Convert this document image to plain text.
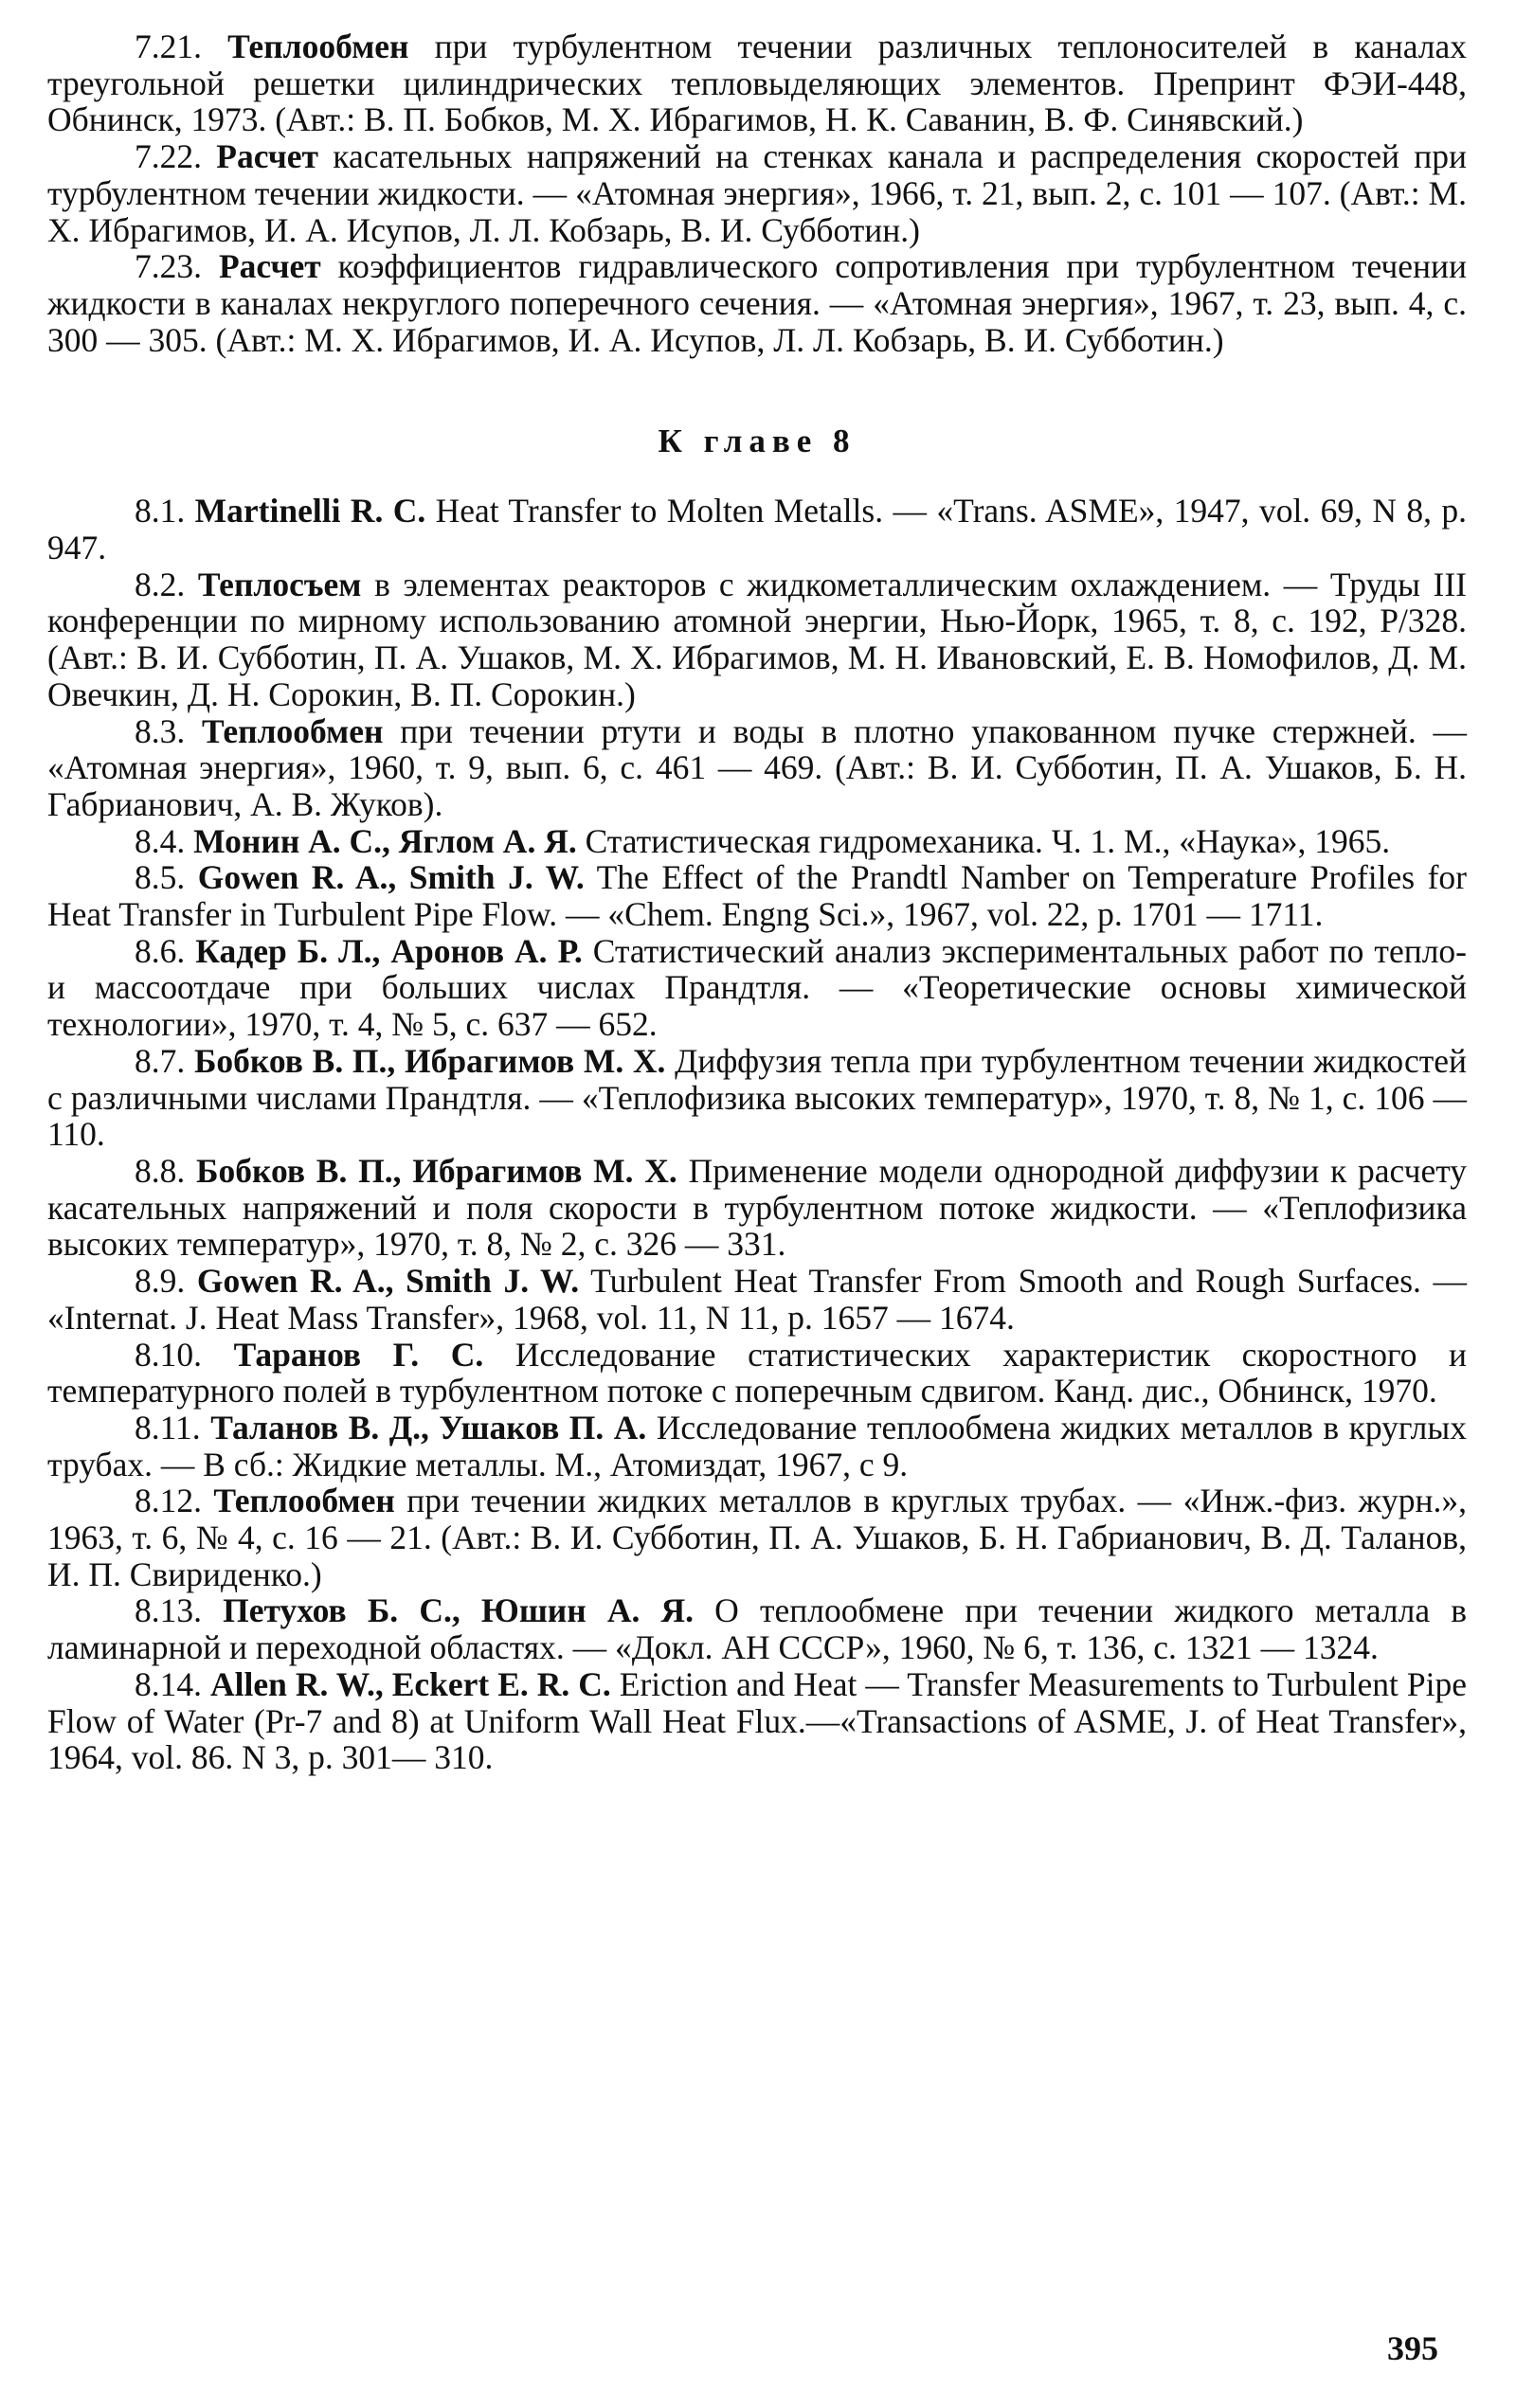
7.21. Теплообмен при турбулентном течении различных теплоносителей в каналах треугольной решетки цилиндрических тепловыделяющих элементов. Препринт ФЭИ-448, Обнинск, 1973. (Авт.: В. П. Бобков, М. Х. Ибрагимов, Н. К. Саванин, В. Ф. Синявский.)

7.22. Расчет касательных напряжений на стенках канала и распределения скоростей при турбулентном течении жидкости. — «Атомная энергия», 1966, т. 21, вып. 2, с. 101 — 107. (Авт.: М. Х. Ибрагимов, И. А. Исупов, Л. Л. Кобзарь, В. И. Субботин.)

7.23. Расчет коэффициентов гидравлического сопротивления при турбулентном течении жидкости в каналах некруглого поперечного сечения. — «Атомная энергия», 1967, т. 23, вып. 4, с. 300 — 305. (Авт.: М. Х. Ибрагимов, И. А. Исупов, Л. Л. Кобзарь, В. И. Субботин.)

К главе 8

8.1. Martinelli R. C. Heat Transfer to Molten Metalls. — «Trans. ASME», 1947, vol. 69, N 8, p. 947.

8.2. Теплосъем в элементах реакторов с жидкометаллическим охлаждением. — Труды III конференции по мирному использованию атомной энергии, Нью-Йорк, 1965, т. 8, с. 192, Р/328. (Авт.: В. И. Субботин, П. А. Ушаков, М. Х. Ибрагимов, М. Н. Ивановский, Е. В. Номофилов, Д. М. Овечкин, Д. Н. Сорокин, В. П. Сорокин.)

8.3. Теплообмен при течении ртути и воды в плотно упакованном пучке стержней. — «Атомная энергия», 1960, т. 9, вып. 6, с. 461 — 469. (Авт.: В. И. Субботин, П. А. Ушаков, Б. Н. Габрианович, А. В. Жуков).

8.4. Монин А. С., Яглом А. Я. Статистическая гидромеханика. Ч. 1. М., «Наука», 1965.

8.5. Gowen R. A., Smith J. W. The Effect of the Prandtl Namber on Temperature Profiles for Heat Transfer in Turbulent Pipe Flow. — «Chem. Engng Sci.», 1967, vol. 22, p. 1701 — 1711.

8.6. Кадер Б. Л., Аронов А. Р. Статистический анализ экспериментальных работ по тепло- и массоотдаче при больших числах Прандтля. — «Теоретические основы химической технологии», 1970, т. 4, № 5, с. 637 — 652.

8.7. Бобков В. П., Ибрагимов М. Х. Диффузия тепла при турбулентном течении жидкостей с различными числами Прандтля. — «Теплофизика высоких температур», 1970, т. 8, № 1, с. 106 — 110.

8.8. Бобков В. П., Ибрагимов М. Х. Применение модели однородной диффузии к расчету касательных напряжений и поля скорости в турбулентном потоке жидкости. — «Теплофизика высоких температур», 1970, т. 8, № 2, с. 326 — 331.

8.9. Gowen R. A., Smith J. W. Turbulent Heat Transfer From Smooth and Rough Surfaces. — «Internat. J. Heat Mass Transfer», 1968, vol. 11, N 11, p. 1657 — 1674.

8.10. Таранов Г. С. Исследование статистических характеристик скоростного и температурного полей в турбулентном потоке с поперечным сдвигом. Канд. дис., Обнинск, 1970.

8.11. Таланов В. Д., Ушаков П. А. Исследование теплообмена жидких металлов в круглых трубах. — В сб.: Жидкие металлы. М., Атомиздат, 1967, с 9.

8.12. Теплообмен при течении жидких металлов в круглых трубах. — «Инж.-физ. журн.», 1963, т. 6, № 4, с. 16 — 21. (Авт.: В. И. Субботин, П. А. Ушаков, Б. Н. Габрианович, В. Д. Таланов, И. П. Свириденко.)

8.13. Петухов Б. С., Юшин А. Я. О теплообмене при течении жидкого металла в ламинарной и переходной областях. — «Докл. АН СССР», 1960, № 6, т. 136, с. 1321 — 1324.

8.14. Allen R. W., Eckert E. R. C. Eriction and Heat — Transfer Measurements to Turbulent Pipe Flow of Water (Pr-7 and 8) at Uniform Wall Heat Flux.—«Transactions of ASME, J. of Heat Transfer», 1964, vol. 86. N 3, p. 301— 310.

395
